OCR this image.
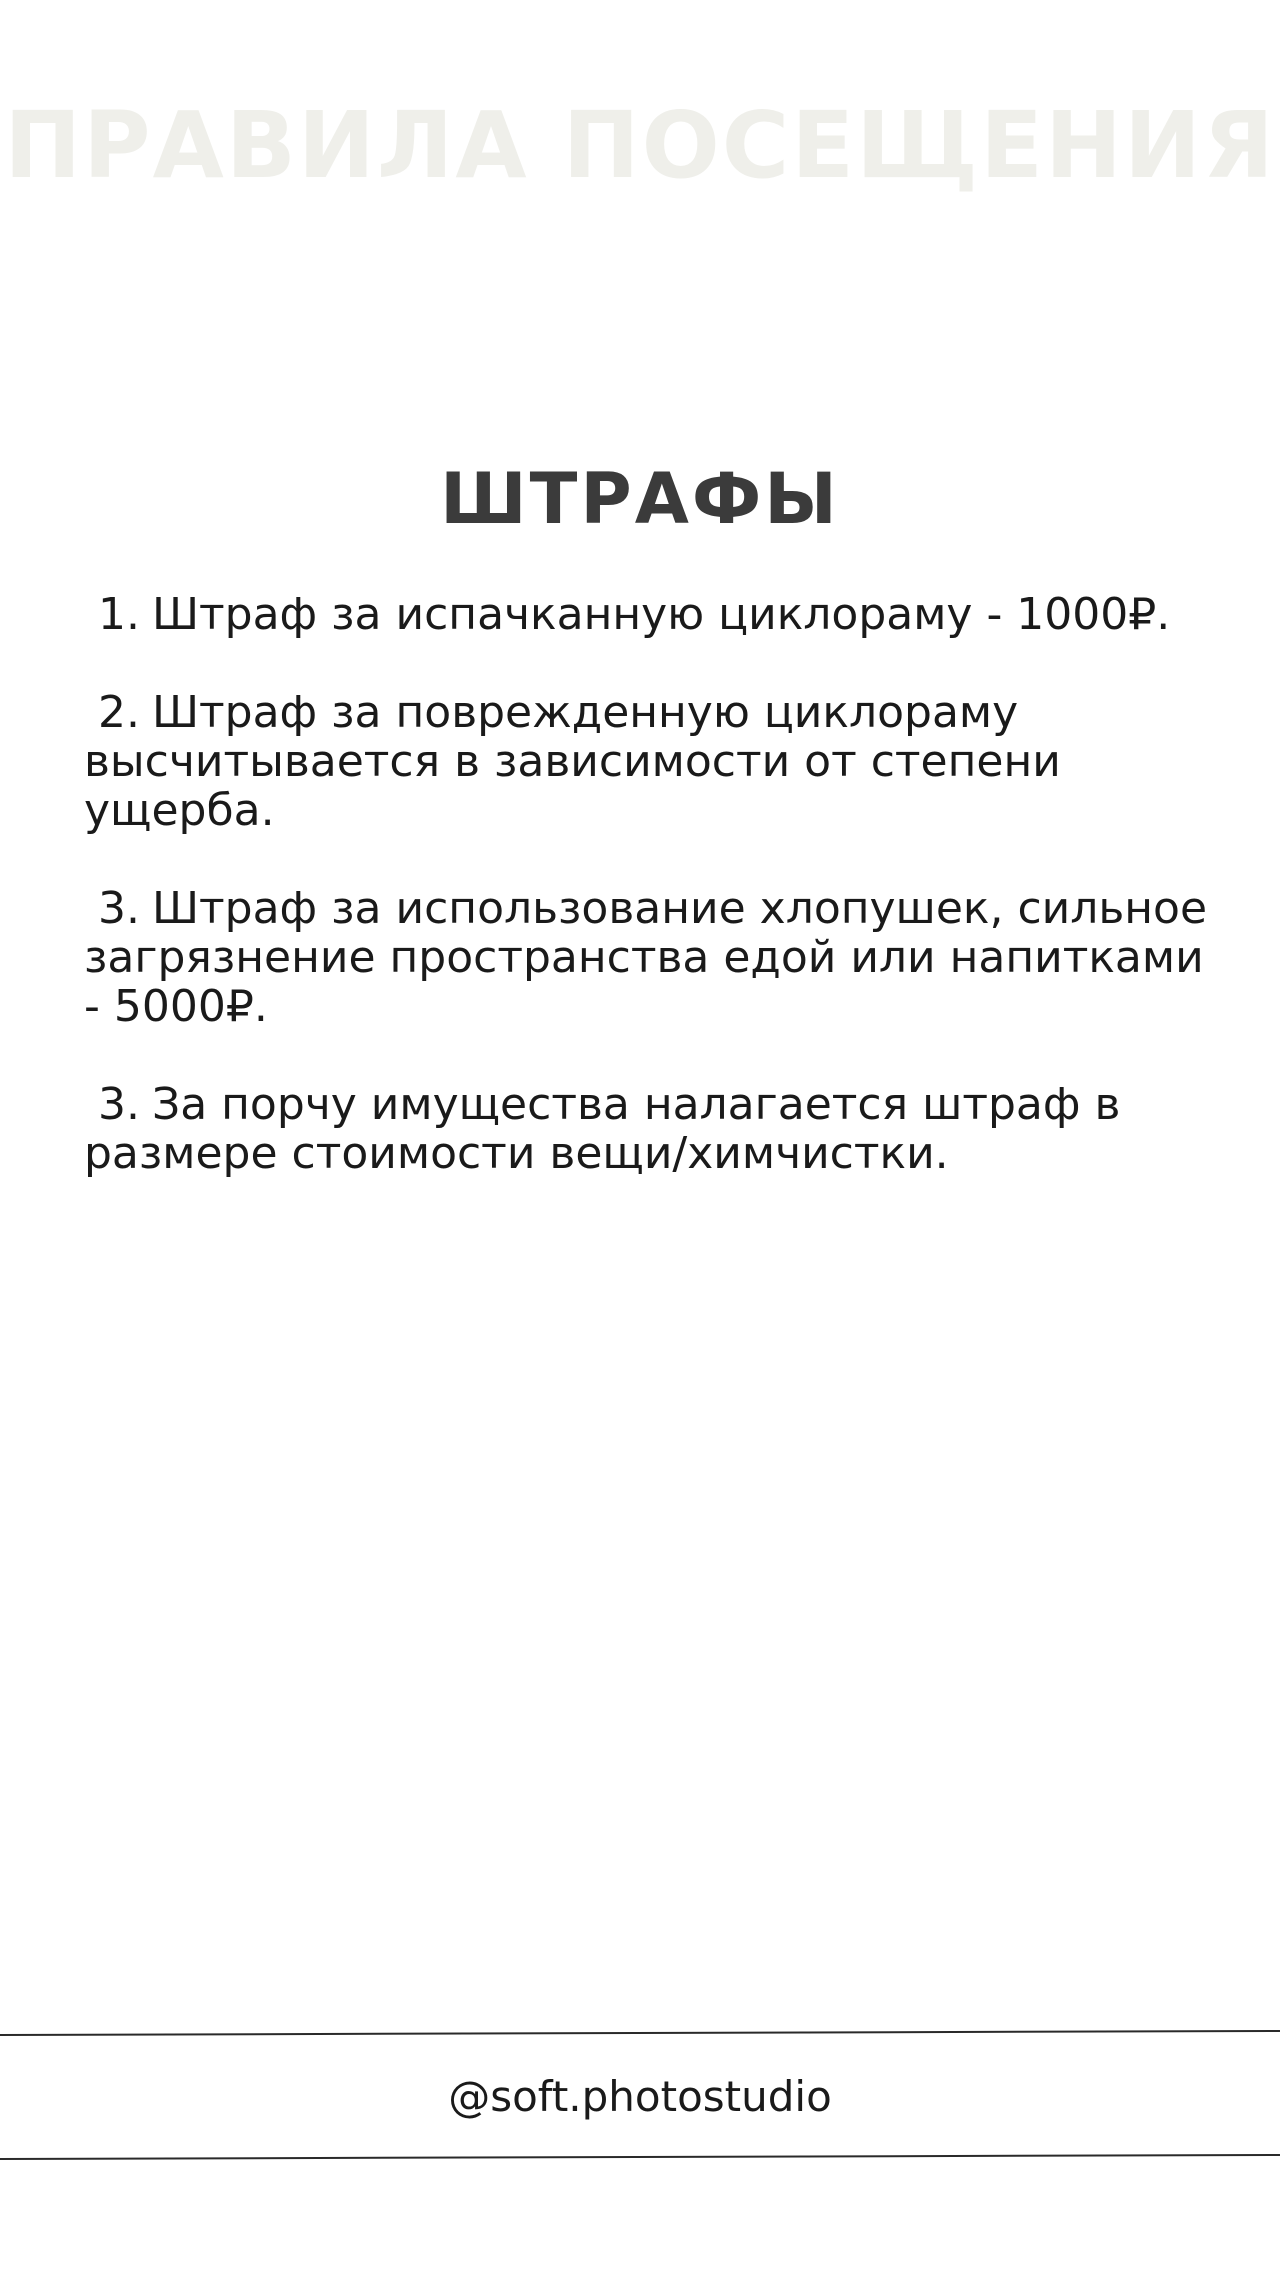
ПРАВИЛА ПОСЕЩЕНИЯ
ШТРАФЫ
1. Штраф за испачканную циклораму - 1000₽.
2. Штраф за поврежденную циклораму высчитывается в зависимости от степени ущерба.
3. Штраф за использование хлопушек, сильное загрязнение пространства едой или напитками - 5000₽.
3. За порчу имущества налагается штраф в размере стоимости вещи/химчистки.
@soft.photostudio
